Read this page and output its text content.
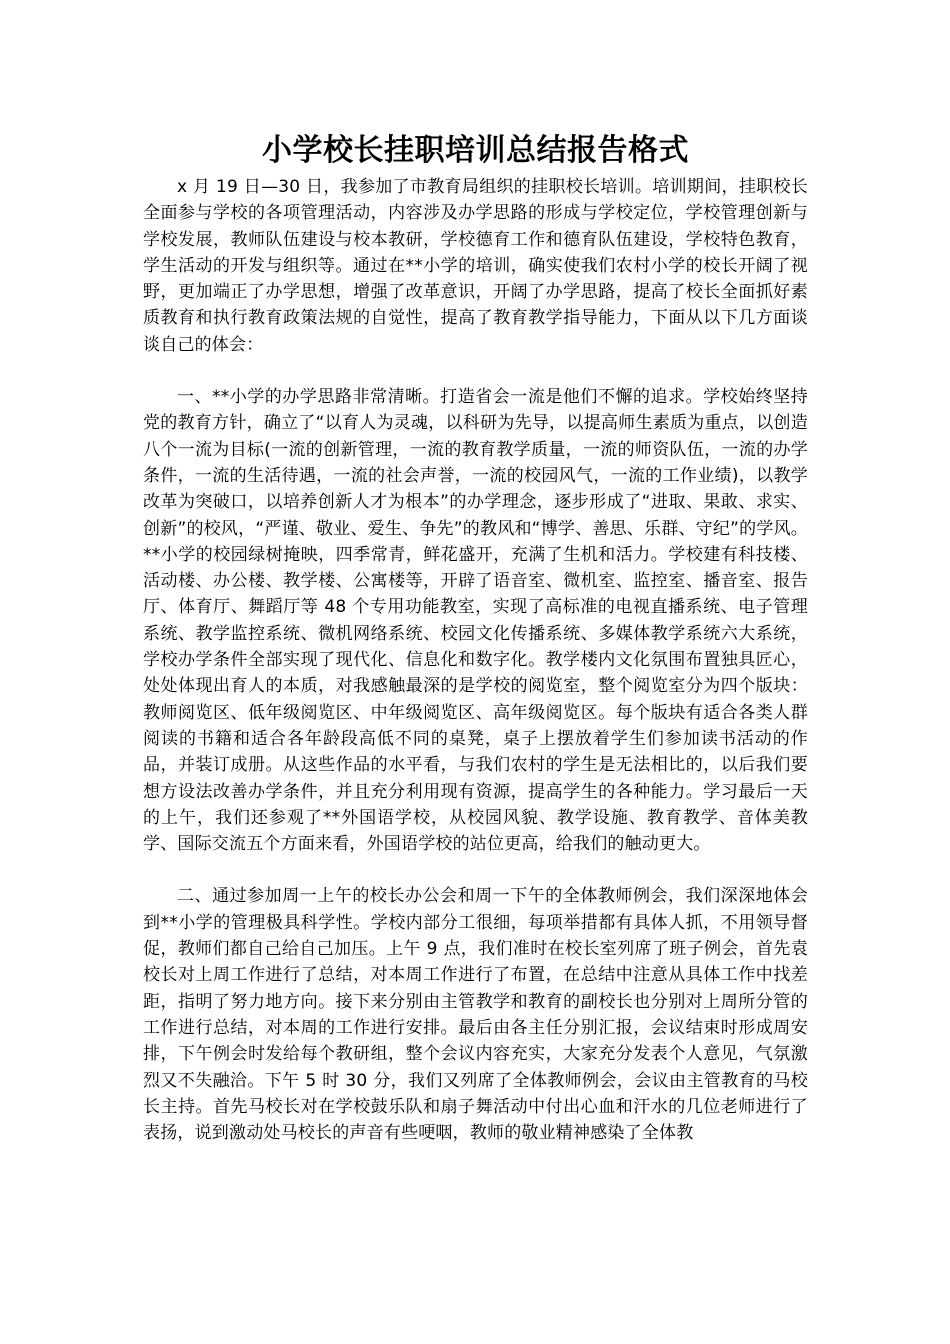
小学校长挂职培训总结报告格式

x 月 19 日—30 日，我参加了市教育局组织的挂职校长培训。培训期间，挂职校长全面参与学校的各项管理活动，内容涉及办学思路的形成与学校定位，学校管理创新与学校发展，教师队伍建设与校本教研，学校德育工作和德育队伍建设，学校特色教育，学生活动的开发与组织等。通过在**小学的培训，确实使我们农村小学的校长开阔了视野，更加端正了办学思想，增强了改革意识，开阔了办学思路，提高了校长全面抓好素质教育和执行教育政策法规的自觉性，提高了教育教学指导能力，下面从以下几方面谈谈自己的体会：

一、**小学的办学思路非常清晰。打造省会一流是他们不懈的追求。学校始终坚持党的教育方针，确立了“以育人为灵魂，以科研为先导，以提高师生素质为重点，以创造八个一流为目标(一流的创新管理，一流的教育教学质量，一流的师资队伍，一流的办学条件，一流的生活待遇，一流的社会声誉，一流的校园风气，一流的工作业绩)，以教学改革为突破口，以培养创新人才为根本”的办学理念，逐步形成了“进取、果敢、求实、创新”的校风，“严谨、敬业、爱生、争先”的教风和“博学、善思、乐群、守纪”的学风。**小学的校园绿树掩映，四季常青，鲜花盛开，充满了生机和活力。学校建有科技楼、活动楼、办公楼、教学楼、公寓楼等，开辟了语音室、微机室、监控室、播音室、报告厅、体育厅、舞蹈厅等 48 个专用功能教室，实现了高标准的电视直播系统、电子管理系统、教学监控系统、微机网络系统、校园文化传播系统、多媒体教学系统六大系统，学校办学条件全部实现了现代化、信息化和数字化。教学楼内文化氛围布置独具匠心，处处体现出育人的本质，对我感触最深的是学校的阅览室，整个阅览室分为四个版块：教师阅览区、低年级阅览区、中年级阅览区、高年级阅览区。每个版块有适合各类人群阅读的书籍和适合各年龄段高低不同的桌凳，桌子上摆放着学生们参加读书活动的作品，并装订成册。从这些作品的水平看，与我们农村的学生是无法相比的，以后我们要想方设法改善办学条件，并且充分利用现有资源，提高学生的各种能力。学习最后一天的上午，我们还参观了**外国语学校，从校园风貌、教学设施、教育教学、音体美教学、国际交流五个方面来看，外国语学校的站位更高，给我们的触动更大。

二、通过参加周一上午的校长办公会和周一下午的全体教师例会，我们深深地体会到**小学的管理极具科学性。学校内部分工很细，每项举措都有具体人抓，不用领导督促，教师们都自己给自己加压。上午 9 点，我们准时在校长室列席了班子例会，首先袁校长对上周工作进行了总结，对本周工作进行了布置，在总结中注意从具体工作中找差距，指明了努力地方向。接下来分别由主管教学和教育的副校长也分别对上周所分管的工作进行总结，对本周的工作进行安排。最后由各主任分别汇报，会议结束时形成周安排，下午例会时发给每个教研组，整个会议内容充实，大家充分发表个人意见，气氛激烈又不失融洽。下午 5 时 30 分，我们又列席了全体教师例会，会议由主管教育的马校长主持。首先马校长对在学校鼓乐队和扇子舞活动中付出心血和汗水的几位老师进行了表扬，说到激动处马校长的声音有些哽咽，教师的敬业精神感染了全体教
